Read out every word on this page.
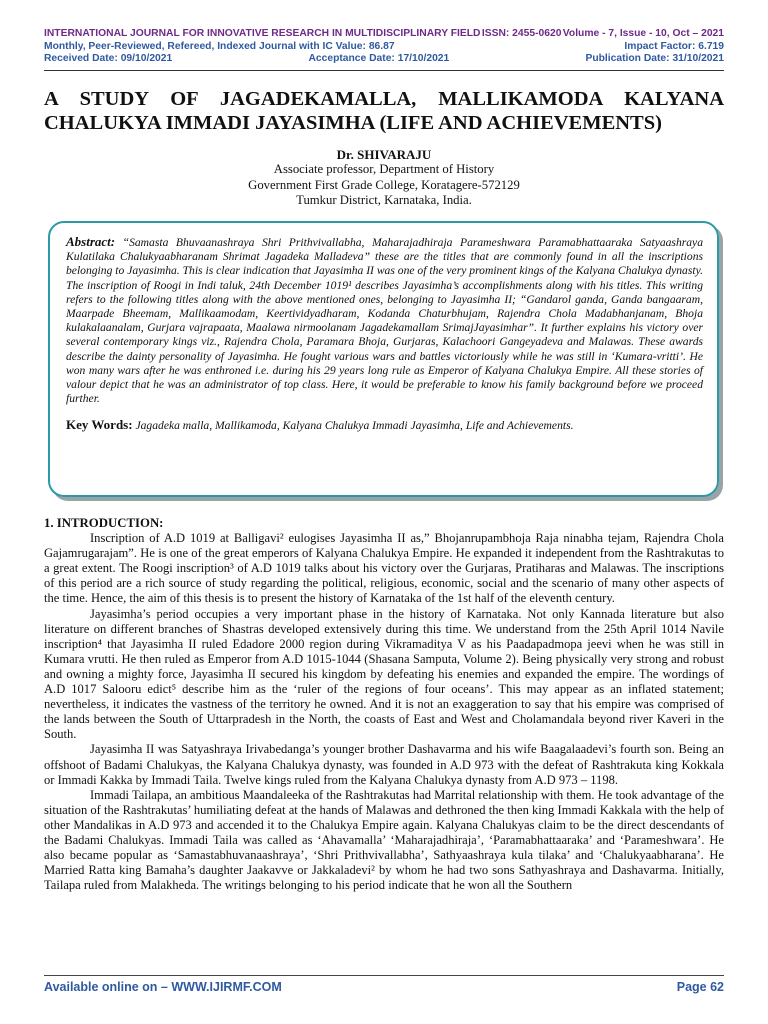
INTERNATIONAL JOURNAL FOR INNOVATIVE RESEARCH IN MULTIDISCIPLINARY FIELD ISSN: 2455-0620 Volume - 7, Issue - 10, Oct – 2021
Monthly, Peer-Reviewed, Refereed, Indexed Journal with IC Value: 86.87	Impact Factor: 6.719
Received Date: 09/10/2021	Acceptance Date: 17/10/2021	Publication Date: 31/10/2021
A STUDY OF JAGADEKAMALLA, MALLIKAMODA KALYANA CHALUKYA IMMADI JAYASIMHA (LIFE AND ACHIEVEMENTS)
Dr. SHIVARAJU
Associate professor, Department of History
Government First Grade College, Koratagere-572129
Tumkur District, Karnataka, India.
Abstract: “Samasta Bhuvaanashraya Shri Prithvivallabha, Maharajadhiraja Parameshwara Paramabhattaaraka Satyaashraya Kulatilaka Chalukyaabharanam Shrimat Jagadeka Malladeva” these are the titles that are commonly found in all the inscriptions belonging to Jayasimha. This is clear indication that Jayasimha II was one of the very prominent kings of the Kalyana Chalukya dynasty. The inscription of Roogi in Indi taluk, 24th December 1019¹ describes Jayasimha’s accomplishments along with his titles. This writing refers to the following titles along with the above mentioned ones, belonging to Jayasimha II; “Gandarol ganda, Ganda bangaaram, Maarpade Bheemam, Mallikaamodam, Keertividyadharam, Kodanda Chaturbhujam, Rajendra Chola Madabhanjanam, Bhoja kulakalaanalam, Gurjara vajrapaata, Maalawa nirmoolanam Jagadekamallam SrimajJayasimhar”. It further explains his victory over several contemporary kings viz., Rajendra Chola, Paramara Bhoja, Gurjaras, Kalachoori Gangeyadeva and Malawas. These awards describe the dainty personality of Jayasimha. He fought various wars and battles victoriously while he was still in ‘Kumara-vritti’. He won many wars after he was enthroned i.e. during his 29 years long rule as Emperor of Kalyana Chalukya Empire. All these stories of valour depict that he was an administrator of top class. Here, it would be preferable to know his family background before we proceed further.
Key Words: Jagadeka malla, Mallikamoda, Kalyana Chalukya Immadi Jayasimha, Life and Achievements.
1. INTRODUCTION:

Inscription of A.D 1019 at Balligavi² eulogises Jayasimha II as,” Bhojanrupambhoja Raja ninabha tejam, Rajendra Chola Gajamrugarajam”. He is one of the great emperors of Kalyana Chalukya Empire. He expanded it independent from the Rashtrakutas to a great extent. The Roogi inscription³ of A.D 1019 talks about his victory over the Gurjaras, Pratiharas and Malawas. The inscriptions of this period are a rich source of study regarding the political, religious, economic, social and the scenario of many other aspects of the time. Hence, the aim of this thesis is to present the history of Karnataka of the 1st half of the eleventh century.

Jayasimha’s period occupies a very important phase in the history of Karnataka. Not only Kannada literature but also literature on different branches of Shastras developed extensively during this time. We understand from the 25th April 1014 Navile inscription⁴ that Jayasimha II ruled Edadore 2000 region during Vikramaditya V as his Paadapadmopa jeevi when he was still in Kumara vrutti. He then ruled as Emperor from A.D 1015-1044 (Shasana Samputa, Volume 2). Being physically very strong and robust and owning a mighty force, Jayasimha II secured his kingdom by defeating his enemies and expanded the empire. The wordings of A.D 1017 Salooru edict⁵ describe him as the ‘ruler of the regions of four oceans’. This may appear as an inflated statement; nevertheless, it indicates the vastness of the territory he owned. And it is not an exaggeration to say that his empire was comprised of the lands between the South of Uttarpradesh in the North, the coasts of East and West and Cholamandala beyond river Kaveri in the South.

Jayasimha II was Satyashraya Irivabedanga’s younger brother Dashavarma and his wife Baagalaadevi’s fourth son. Being an offshoot of Badami Chalukyas, the Kalyana Chalukya dynasty, was founded in A.D 973 with the defeat of Rashtrakuta king Kokkala or Immadi Kakka by Immadi Taila. Twelve kings ruled from the Kalyana Chalukya dynasty from A.D 973 – 1198.

Immadi Tailapa, an ambitious Maandaleeka of the Rashtrakutas had Marrital relationship with them. He took advantage of the situation of the Rashtrakutas’ humiliating defeat at the hands of Malawas and dethroned the then king Immadi Kakkala with the help of other Mandalikas in A.D 973 and accended it to the Chalukya Empire again. Kalyana Chalukyas claim to be the direct descendants of the Badami Chalukyas. Immadi Taila was called as ‘Ahavamalla’ ‘Maharajadhiraja’, ‘Paramabhattaaraka’ and ‘Parameshwara’. He also became popular as ‘Samastabhuvanaashraya’, ‘Shri Prithvivallabha’, Sathyaashraya kula tilaka’ and ‘Chalukyaabharana’. He Married Ratta king Bamaha’s daughter Jaakavve or Jakkaladevi² by whom he had two sons Sathyashraya and Dashavarma. Initially, Tailapa ruled from Malakheda. The writings belonging to his period indicate that he won all the Southern

Available online on – WWW.IJIRMF.COM	Page 62
